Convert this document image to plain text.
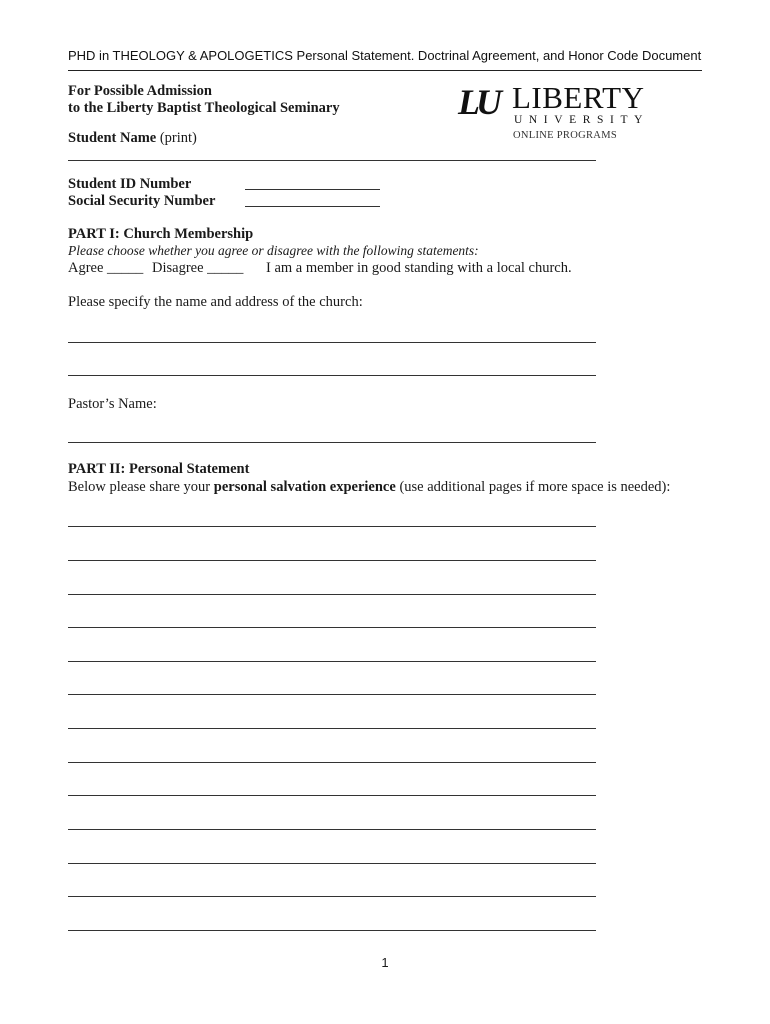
PHD in THEOLOGY & APOLOGETICS Personal Statement. Doctrinal Agreement, and Honor Code Document
For Possible Admission
to the Liberty Baptist Theological Seminary	LU LIBERTY
UNIVERSITY
ONLINE PROGRAMS
Student Name (print)
Student ID Number
Social Security Number
PART I: Church Membership
Please choose whether you agree or disagree with the following statements:
Agree _____ Disagree _____ I am a member in good standing with a local church.
Please specify the name and address of the church:
Pastor’s Name:
PART II: Personal Statement
Below please share your personal salvation experience (use additional pages if more space is needed):
1
